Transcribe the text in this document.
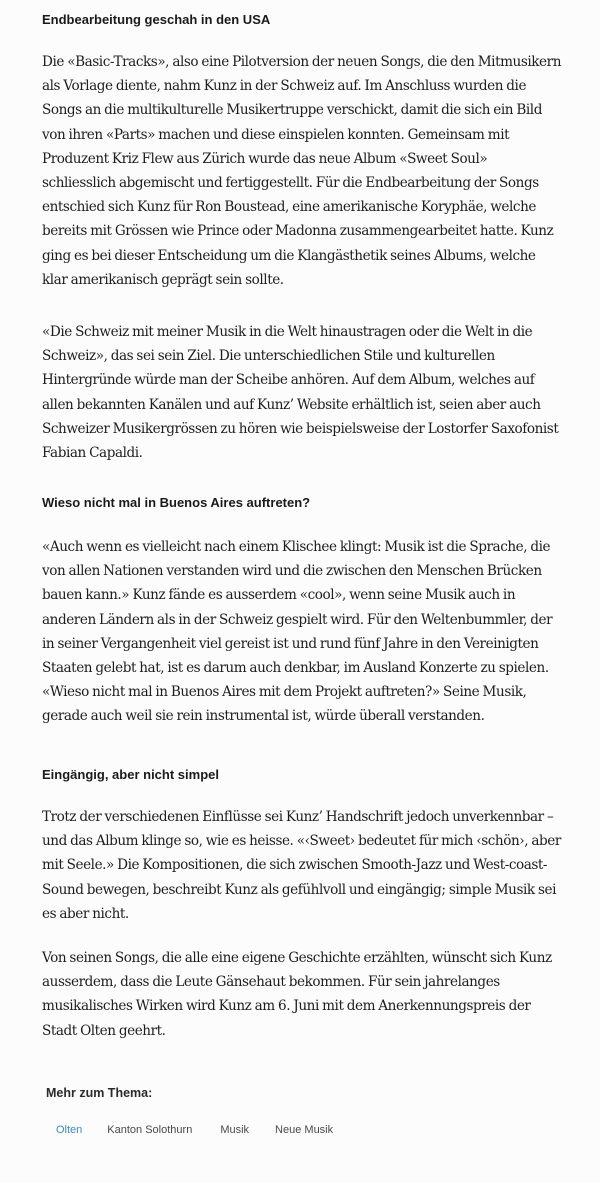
Endbearbeitung geschah in den USA

Die «Basic-Tracks», also eine Pilotversion der neuen Songs, die den Mitmusikern als Vorlage diente, nahm Kunz in der Schweiz auf. Im Anschluss wurden die Songs an die multikulturelle Musikertruppe verschickt, damit die sich ein Bild von ihren «Parts» machen und diese einspielen konnten. Gemeinsam mit Produzent Kriz Flew aus Zürich wurde das neue Album «Sweet Soul» schliesslich abgemischt und fertiggestellt. Für die Endbearbeitung der Songs entschied sich Kunz für Ron Boustead, eine amerikanische Koryphäe, welche bereits mit Grössen wie Prince oder Madonna zusammengearbeitet hatte. Kunz ging es bei dieser Entscheidung um die Klangästhetik seines Albums, welche klar amerikanisch geprägt sein sollte.

«Die Schweiz mit meiner Musik in die Welt hinaustragen oder die Welt in die Schweiz», das sei sein Ziel. Die unterschiedlichen Stile und kulturellen Hintergründe würde man der Scheibe anhören. Auf dem Album, welches auf allen bekannten Kanälen und auf Kunz’ Website erhältlich ist, seien aber auch Schweizer Musikergrössen zu hören wie beispielsweise der Lostorfer Saxofonist Fabian Capaldi.

Wieso nicht mal in Buenos Aires auftreten?

«Auch wenn es vielleicht nach einem Klischee klingt: Musik ist die Sprache, die von allen Nationen verstanden wird und die zwischen den Menschen Brücken bauen kann.» Kunz fände es ausserdem «cool», wenn seine Musik auch in anderen Ländern als in der Schweiz gespielt wird. Für den Weltenbummler, der in seiner Vergangenheit viel gereist ist und rund fünf Jahre in den Vereinigten Staaten gelebt hat, ist es darum auch denkbar, im Ausland Konzerte zu spielen. «Wieso nicht mal in Buenos Aires mit dem Projekt auftreten?» Seine Musik, gerade auch weil sie rein instrumental ist, würde überall verstanden.

Eingängig, aber nicht simpel

Trotz der verschiedenen Einflüsse sei Kunz’ Handschrift jedoch unverkennbar – und das Album klinge so, wie es heisse. «‹Sweet› bedeutet für mich ‹schön›, aber mit Seele.» Die Kompositionen, die sich zwischen Smooth-Jazz und West-coast-Sound bewegen, beschreibt Kunz als gefühlvoll und eingängig; simple Musik sei es aber nicht.

Von seinen Songs, die alle eine eigene Geschichte erzählten, wünscht sich Kunz ausserdem, dass die Leute Gänsehaut bekommen. Für sein jahrelanges musikalisches Wirken wird Kunz am 6. Juni mit dem Anerkennungspreis der Stadt Olten geehrt.

Mehr zum Thema:
Olten Kanton Solothurn	Musik Neue Musik
